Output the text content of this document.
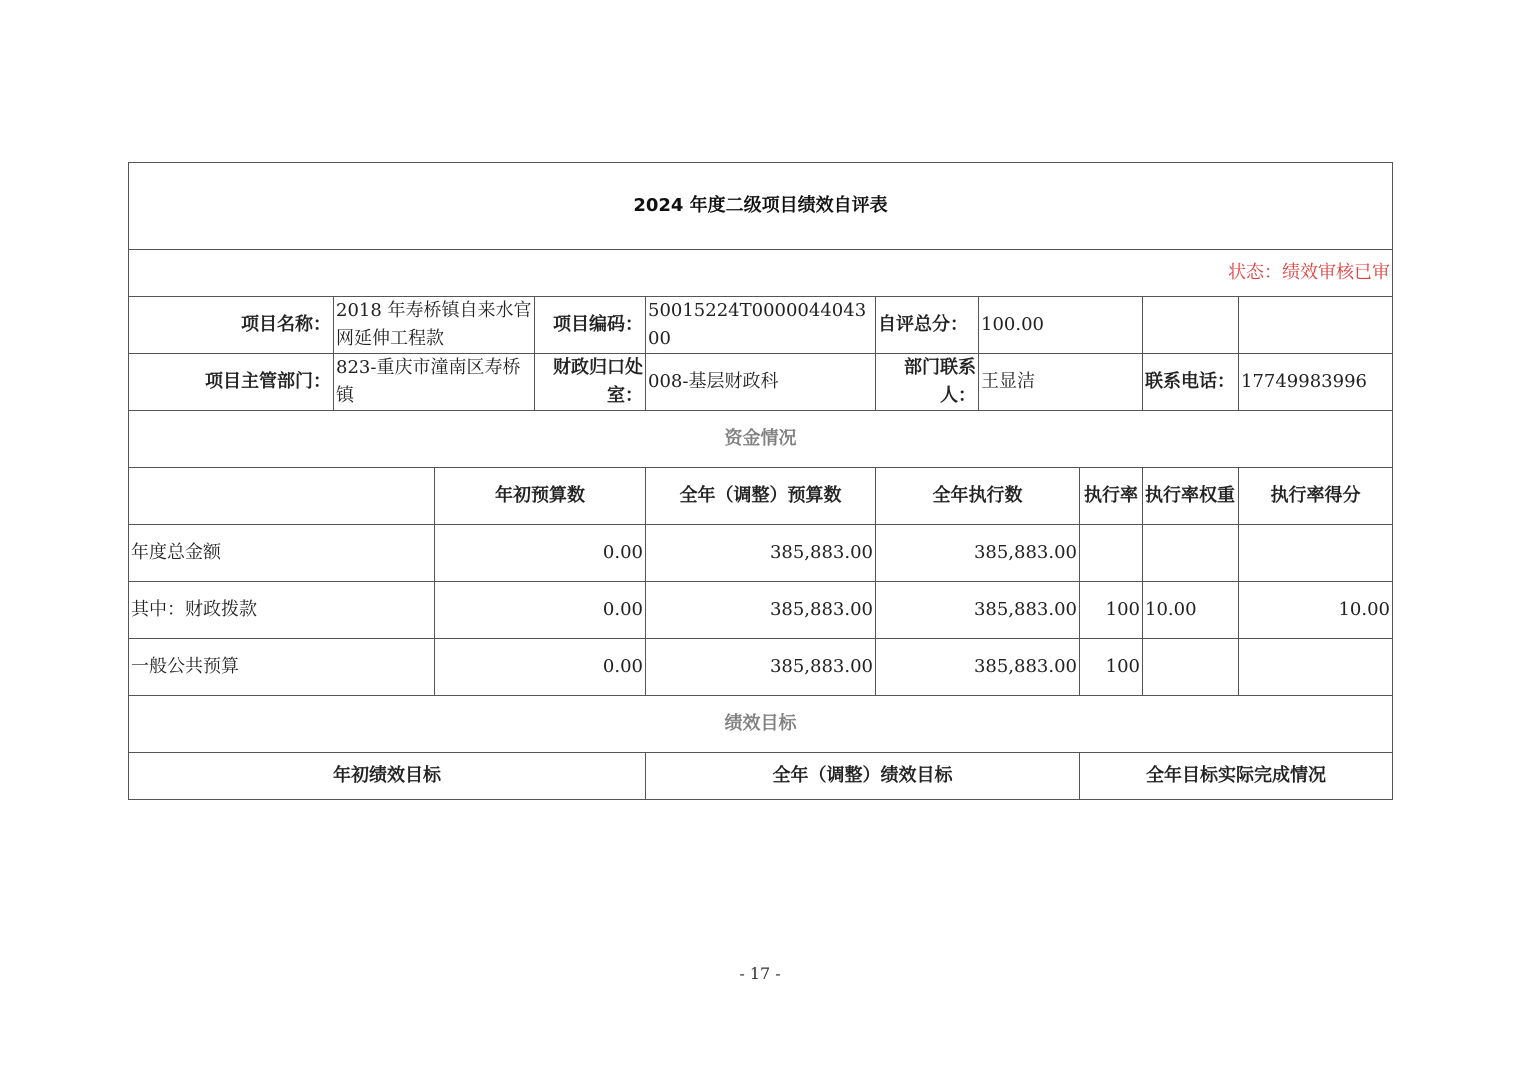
2024 年度二级项目绩效自评表									
状态：绩效审核已审									
项目名称：	2018 年寿桥镇自来水官网延伸工程款		项目编码：	50015224T000004404300	自评总分：	100.00			
项目主管部门：	823-重庆市潼南区寿桥镇		财政归口处室：	008-基层财政科	部门联系人：	王显洁		联系电话：	17749983996
资金情况									
		年初预算数		全年（调整）预算数	全年执行数		执行率	执行率权重	执行率得分
年度总金额		0.00		385,883.00	385,883.00				
其中：财政拨款		0.00		385,883.00	385,883.00		100	10.00	10.00
一般公共预算		0.00		385,883.00	385,883.00		100		
绩效目标									
年初绩效目标				全年（调整）绩效目标			全年目标实际完成情况		
- 17 -
